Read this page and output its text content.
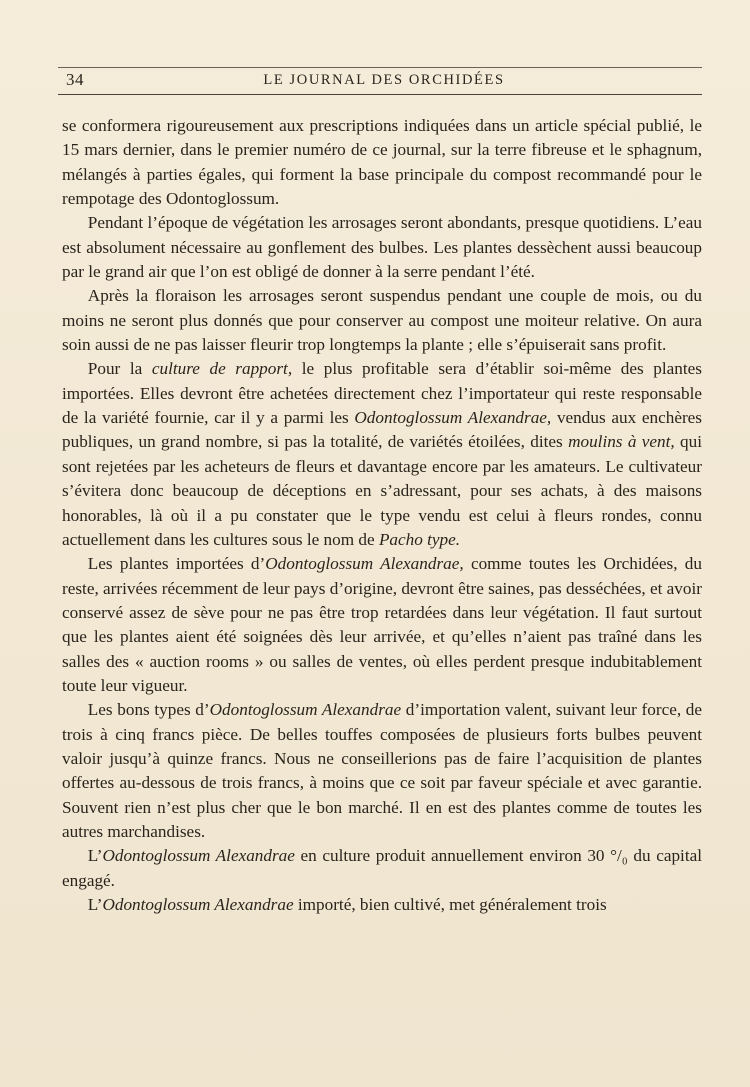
34	LE JOURNAL DES ORCHIDÉES

se conformera rigoureusement aux prescriptions indiquées dans un article spécial publié, le 15 mars dernier, dans le premier numéro de ce journal, sur la terre fibreuse et le sphagnum, mélangés à parties égales, qui forment la base principale du compost recommandé pour le rempotage des Odontoglossum.

Pendant l’époque de végétation les arrosages seront abondants, presque quotidiens. L’eau est absolument nécessaire au gonflement des bulbes. Les plantes dessèchent aussi beaucoup par le grand air que l’on est obligé de donner à la serre pendant l’été.

Après la floraison les arrosages seront suspendus pendant une couple de mois, ou du moins ne seront plus donnés que pour conserver au compost une moiteur relative. On aura soin aussi de ne pas laisser fleurir trop longtemps la plante ; elle s’épuiserait sans profit.

Pour la culture de rapport, le plus profitable sera d’établir soi-même des plantes importées. Elles devront être achetées directement chez l’importateur qui reste responsable de la variété fournie, car il y a parmi les Odontoglossum Alexandrae, vendus aux enchères publiques, un grand nombre, si pas la totalité, de variétés étoilées, dites moulins à vent, qui sont rejetées par les acheteurs de fleurs et davantage encore par les amateurs. Le cultivateur s’évitera donc beaucoup de déceptions en s’adressant, pour ses achats, à des maisons honorables, là où il a pu constater que le type vendu est celui à fleurs rondes, connu actuellement dans les cultures sous le nom de Pacho type.

Les plantes importées d’Odontoglossum Alexandrae, comme toutes les Orchidées, du reste, arrivées récemment de leur pays d’origine, devront être saines, pas desséchées, et avoir conservé assez de sève pour ne pas être trop retardées dans leur végétation. Il faut surtout que les plantes aient été soignées dès leur arrivée, et qu’elles n’aient pas traîné dans les salles des « auction rooms » ou salles de ventes, où elles perdent presque indubitablement toute leur vigueur.

Les bons types d’Odontoglossum Alexandrae d’importation valent, suivant leur force, de trois à cinq francs pièce. De belles touffes composées de plusieurs forts bulbes peuvent valoir jusqu’à quinze francs. Nous ne conseillerions pas de faire l’acquisition de plantes offertes au-dessous de trois francs, à moins que ce soit par faveur spéciale et avec garantie. Souvent rien n’est plus cher que le bon marché. Il en est des plantes comme de toutes les autres marchandises.

L’Odontoglossum Alexandrae en culture produit annuellement environ 30 °/₀ du capital engagé.

L’Odontoglossum Alexandrae importé, bien cultivé, met généralement trois
